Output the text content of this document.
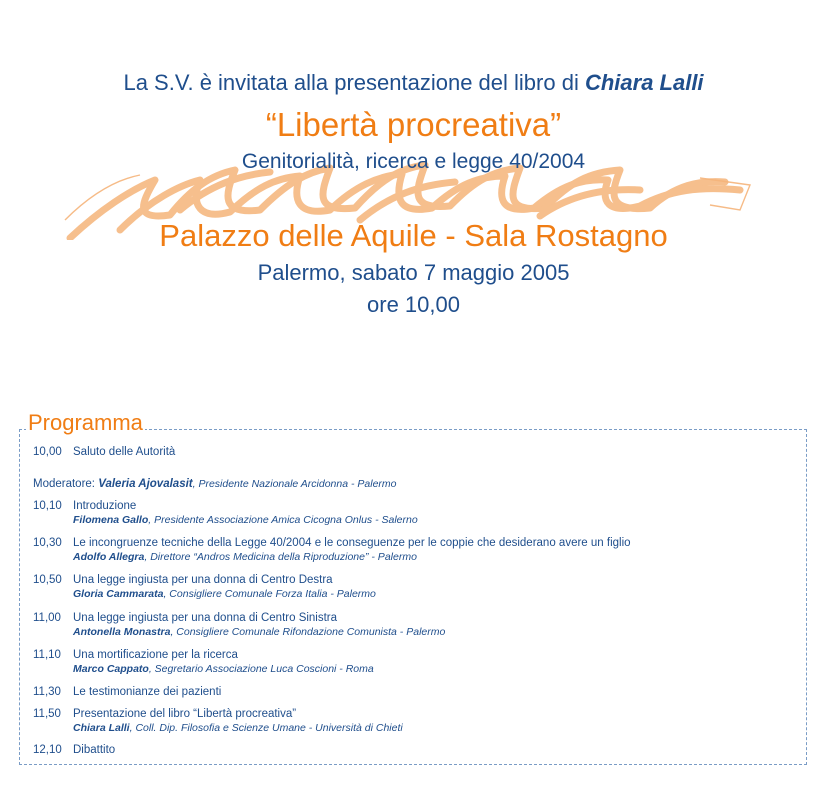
La S.V. è invitata alla presentazione del libro di Chiara Lalli
“Libertà procreativa”
Genitorialità, ricerca e legge 40/2004
Palazzo delle Aquile - Sala Rostagno
Palermo, sabato 7 maggio 2005
ore 10,00
Programma
10,00 Saluto delle Autorità
Moderatore: Valeria Ajovalasit, Presidente Nazionale Arcidonna - Palermo
10,10 Introduzione
Filomena Gallo, Presidente Associazione Amica Cicogna Onlus - Salerno
10,30 Le incongruenze tecniche della Legge 40/2004 e le conseguenze per le coppie che desiderano avere un figlio
Adolfo Allegra, Direttore “Andros Medicina della Riproduzione” - Palermo
10,50 Una legge ingiusta per una donna di Centro Destra
Gloria Cammarata, Consigliere Comunale Forza Italia - Palermo
11,00 Una legge ingiusta per una donna di Centro Sinistra
Antonella Monastra, Consigliere Comunale Rifondazione Comunista - Palermo
11,10 Una mortificazione per la ricerca
Marco Cappato, Segretario Associazione Luca Coscioni - Roma
11,30 Le testimonianze dei pazienti
11,50 Presentazione del libro “Libertà procreativa”
Chiara Lalli, Coll. Dip. Filosofia e Scienze Umane - Università di Chieti
12,10 Dibattito
